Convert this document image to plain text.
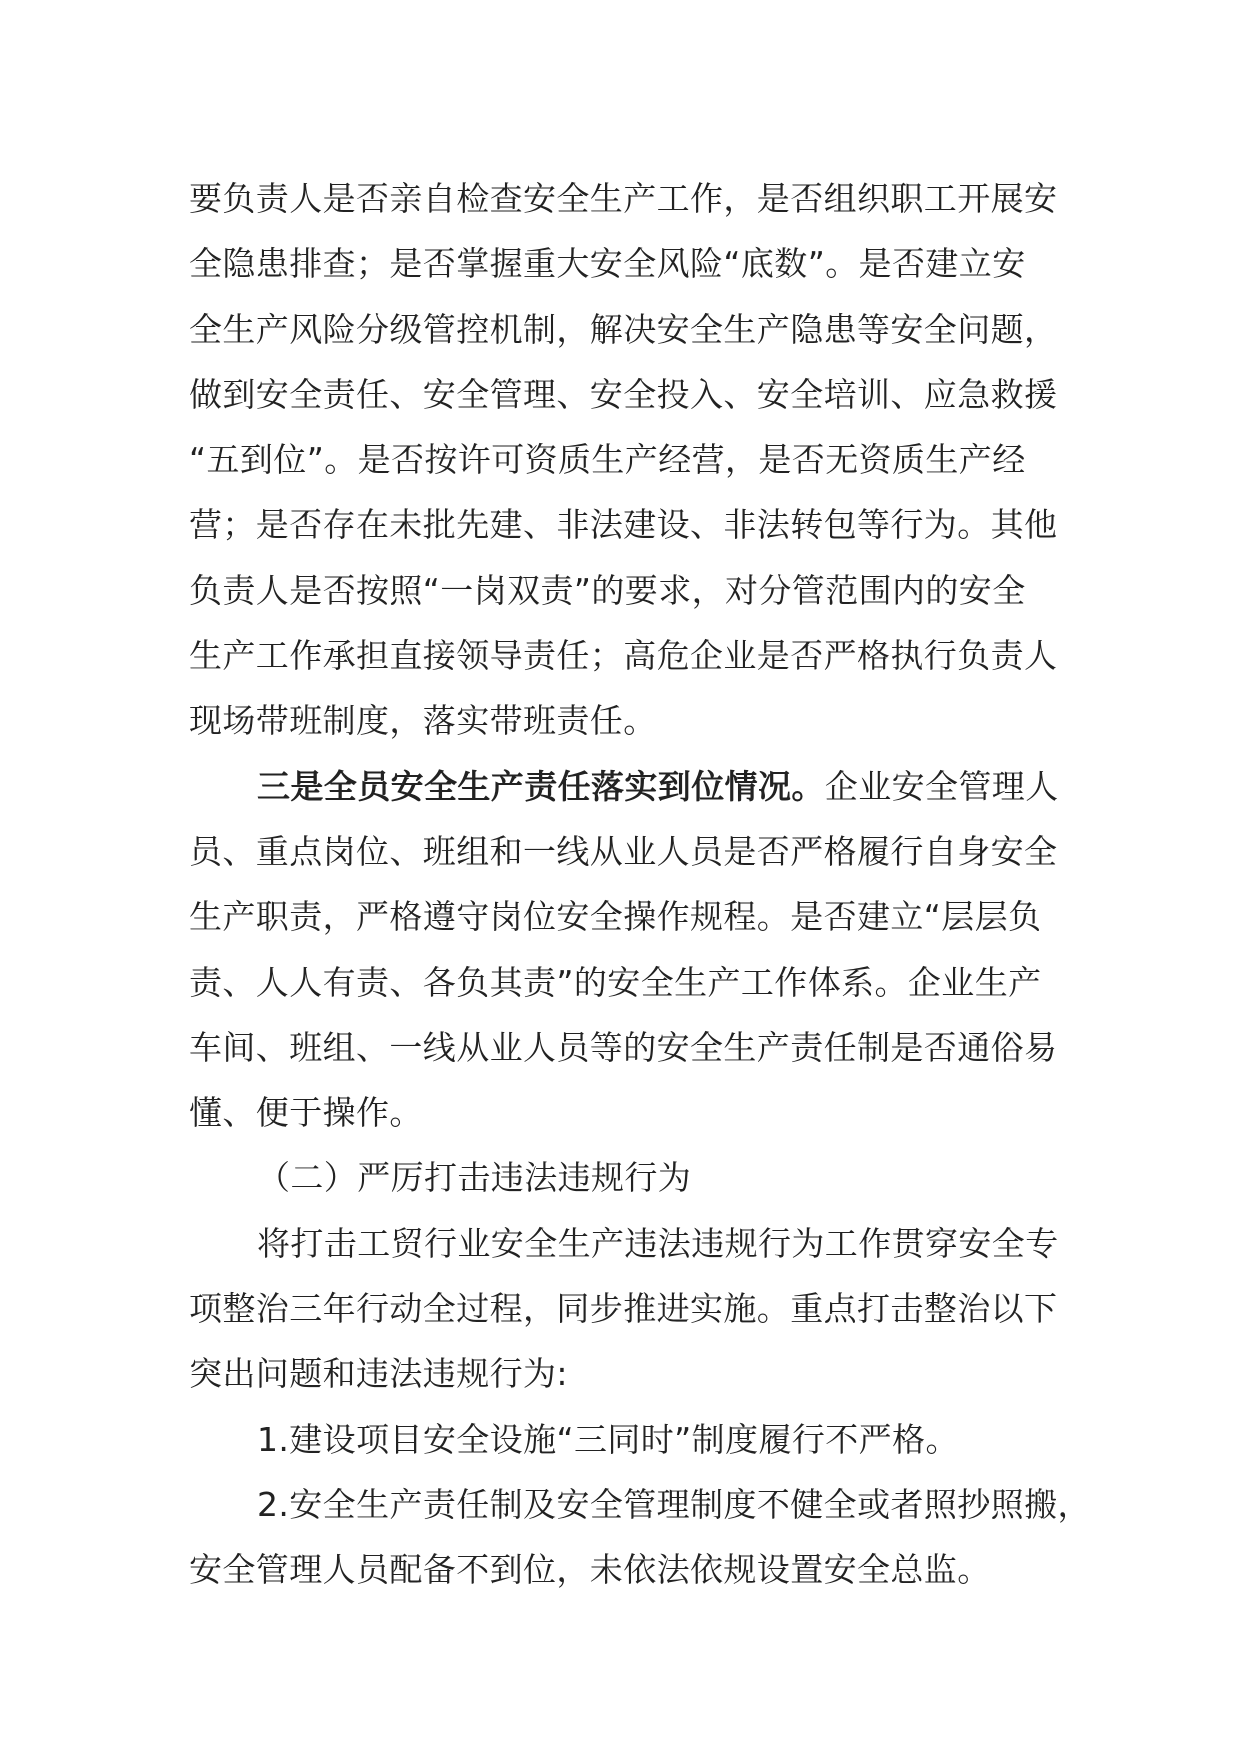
要负责人是否亲自检查安全生产工作，是否组织职工开展安
全隐患排查；是否掌握重大安全风险“底数”。是否建立安
全生产风险分级管控机制，解决安全生产隐患等安全问题，
做到安全责任、安全管理、安全投入、安全培训、应急救援
“五到位”。是否按许可资质生产经营，是否无资质生产经
营；是否存在未批先建、非法建设、非法转包等行为。其他
负责人是否按照“一岗双责”的要求，对分管范围内的安全
生产工作承担直接领导责任；高危企业是否严格执行负责人
现场带班制度，落实带班责任。
三是全员安全生产责任落实到位情况。企业安全管理人
员、重点岗位、班组和一线从业人员是否严格履行自身安全
生产职责，严格遵守岗位安全操作规程。是否建立“层层负
责、人人有责、各负其责”的安全生产工作体系。企业生产
车间、班组、一线从业人员等的安全生产责任制是否通俗易
懂、便于操作。
（二）严厉打击违法违规行为
将打击工贸行业安全生产违法违规行为工作贯穿安全专
项整治三年行动全过程，同步推进实施。重点打击整治以下
突出问题和违法违规行为:
1.建设项目安全设施“三同时”制度履行不严格。
2.安全生产责任制及安全管理制度不健全或者照抄照搬，
安全管理人员配备不到位，未依法依规设置安全总监。
